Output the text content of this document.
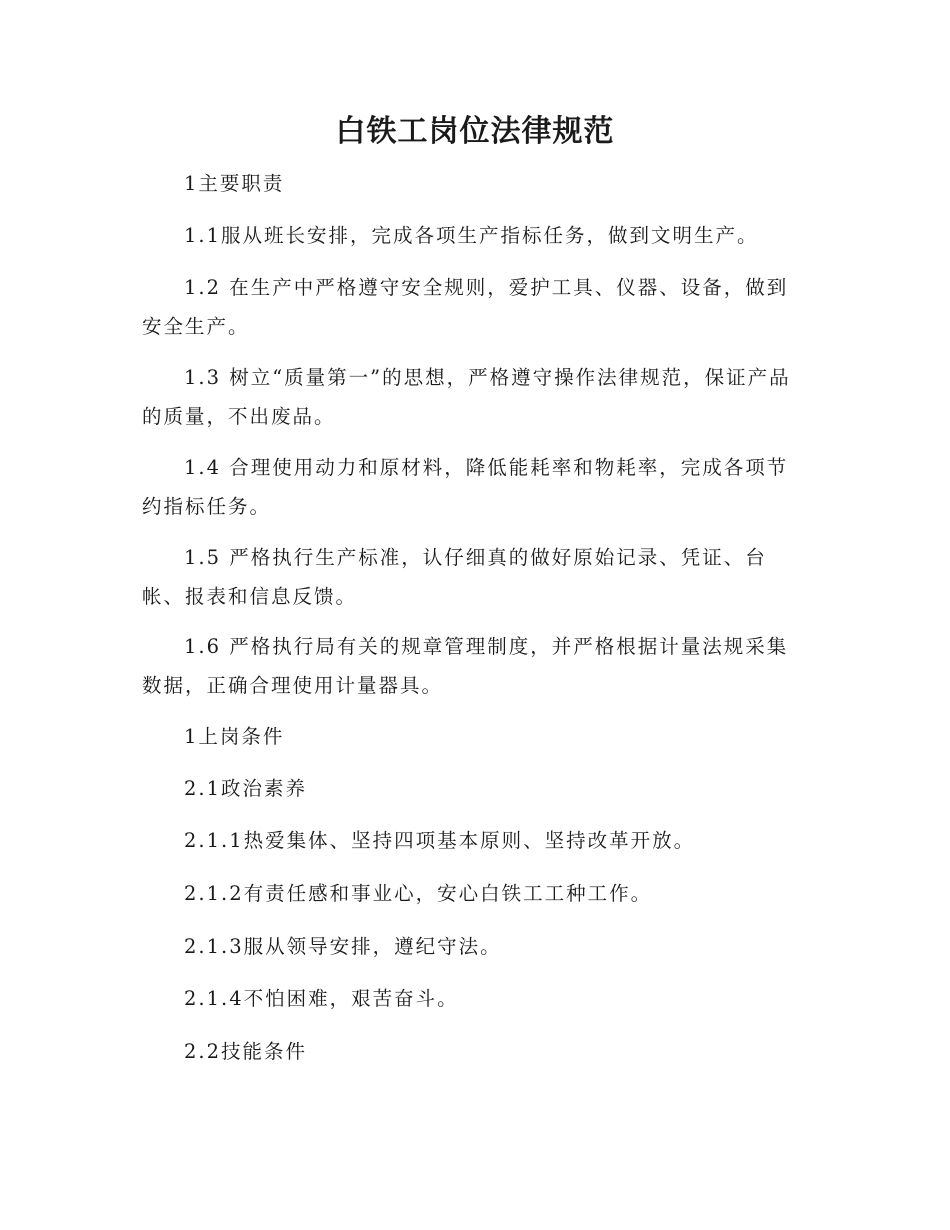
白铁工岗位法律规范

1主要职责

1.1服从班长安排，完成各项生产指标任务，做到文明生产。

1.2 在生产中严格遵守安全规则，爱护工具、仪器、设备，做到安全生产。

1.3 树立“质量第一”的思想，严格遵守操作法律规范，保证产品的质量，不出废品。

1.4 合理使用动力和原材料，降低能耗率和物耗率，完成各项节约指标任务。

1.5 严格执行生产标准，认仔细真的做好原始记录、凭证、台帐、报表和信息反馈。

1.6 严格执行局有关的规章管理制度，并严格根据计量法规采集数据，正确合理使用计量器具。

1上岗条件

2.1政治素养

2.1.1热爱集体、坚持四项基本原则、坚持改革开放。

2.1.2有责任感和事业心，安心白铁工工种工作。

2.1.3服从领导安排，遵纪守法。

2.1.4不怕困难，艰苦奋斗。

2.2技能条件
